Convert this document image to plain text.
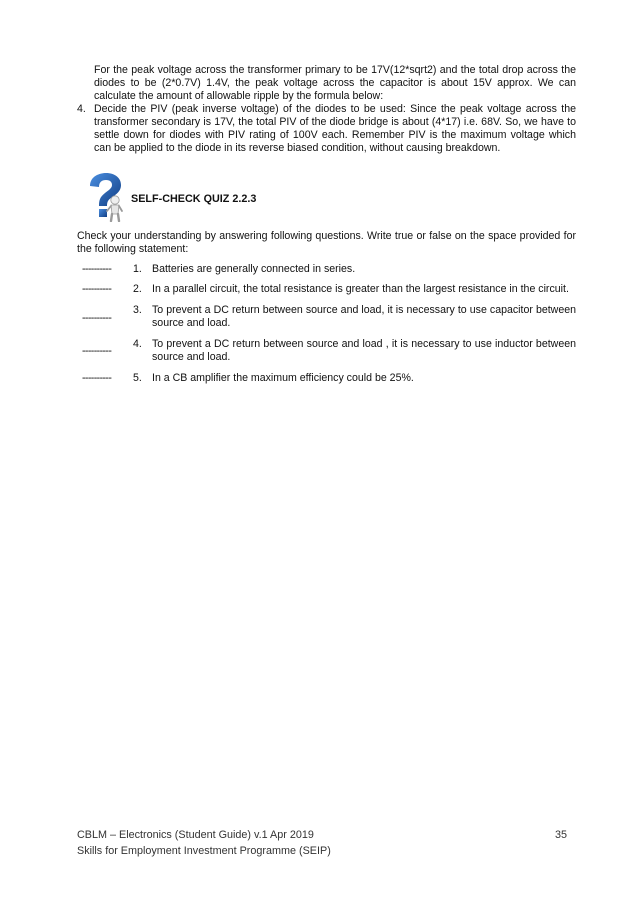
For the peak voltage across the transformer primary to be 17V(12*sqrt2) and the total drop across the diodes to be (2*0.7V) 1.4V, the peak voltage across the capacitor is about 15V approx. We can calculate the amount of allowable ripple by the formula below:

4. Decide the PIV (peak inverse voltage) of the diodes to be used: Since the peak voltage across the transformer secondary is 17V, the total PIV of the diode bridge is about (4*17) i.e. 68V. So, we have to settle down for diodes with PIV rating of 100V each. Remember PIV is the maximum voltage which can be applied to the diode in its reverse biased condition, without causing breakdown.

SELF-CHECK QUIZ 2.2.3

Check your understanding by answering following questions. Write true or false on the space provided for the following statement:

---------- 1. Batteries are generally connected in series.
---------- 2. In a parallel circuit, the total resistance is greater than the largest resistance in the circuit.
----------
3. To prevent a DC return between source and load, it is necessary to use capacitor between source and load.
----------
4. To prevent a DC return between source and load , it is necessary to use inductor between source and load.
---------- 5. In a CB amplifier the maximum efficiency could be 25%.
CBLM – Electronics (Student Guide) v.1 Apr 2019
Skills for Employment Investment Programme (SEIP)
35
